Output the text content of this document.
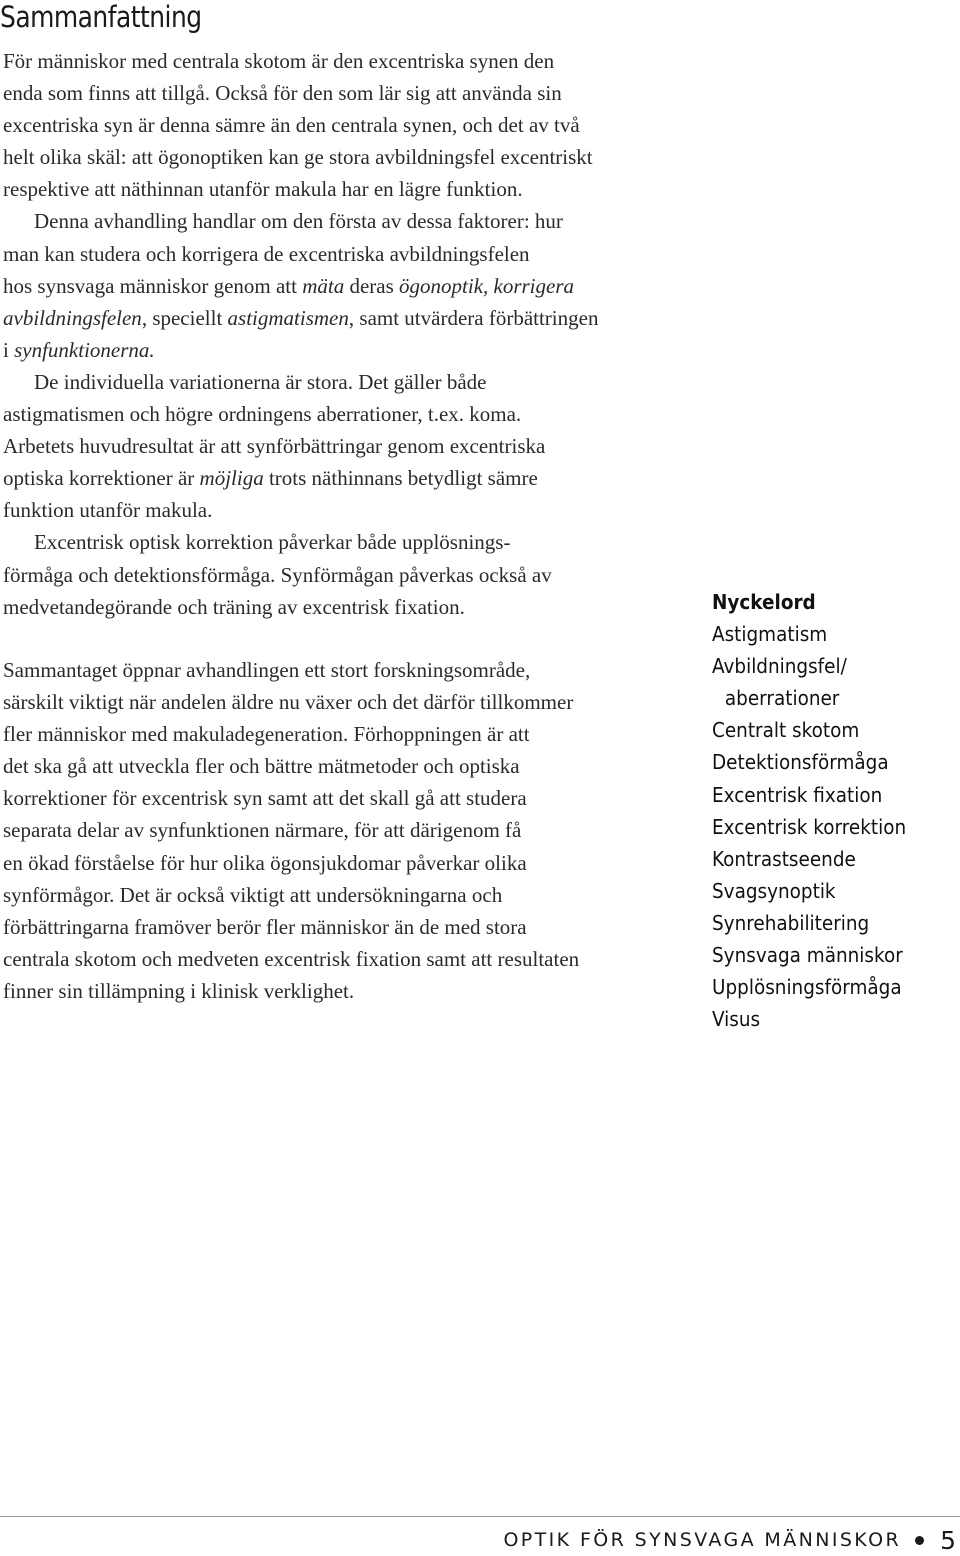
Sammanfattning
För människor med centrala skotom är den excentriska synen den
enda som finns att tillgå. Också för den som lär sig att använda sin
excentriska syn är denna sämre än den centrala synen, och det av två
helt olika skäl: att ögonoptiken kan ge stora avbildningsfel excentriskt
respektive att näthinnan utanför makula har en lägre funktion.
Denna avhandling handlar om den första av dessa faktorer: hur
man kan studera och korrigera de excentriska avbildningsfelen
hos synsvaga människor genom att mäta deras ögonoptik, korrigera
avbildningsfelen, speciellt astigmatismen, samt utvärdera förbättringen
i synfunktionerna.
De individuella variationerna är stora. Det gäller både
astigmatismen och högre ordningens aberrationer, t.ex. koma.
Arbetets huvudresultat är att synförbättringar genom excentriska
optiska korrektioner är möjliga trots näthinnans betydligt sämre
funktion utanför makula.
Excentrisk optisk korrektion påverkar både upplösnings-
förmåga och detektionsförmåga. Synförmågan påverkas också av
medvetandegörande och träning av excentrisk fixation.
Sammantaget öppnar avhandlingen ett stort forskningsområde,
särskilt viktigt när andelen äldre nu växer och det därför tillkommer
fler människor med makuladegeneration. Förhoppningen är att
det ska gå att utveckla fler och bättre mätmetoder och optiska
korrektioner för excentrisk syn samt att det skall gå att studera
separata delar av synfunktionen närmare, för att därigenom få
en ökad förståelse för hur olika ögonsjukdomar påverkar olika
synförmågor. Det är också viktigt att undersökningarna och
förbättringarna framöver berör fler människor än de med stora
centrala skotom och medveten excentrisk fixation samt att resultaten
finner sin tillämpning i klinisk verklighet.
Nyckelord
Astigmatism
Avbildningsfel/
aberrationer
Centralt skotom
Detektionsförmåga
Excentrisk fixation
Excentrisk korrektion
Kontrastseende
Svagsynoptik
Synrehabilitering
Synsvaga människor
Upplösningsförmåga
Visus
OPTIK FÖR SYNSVAGA MÄNNISKOR 5
